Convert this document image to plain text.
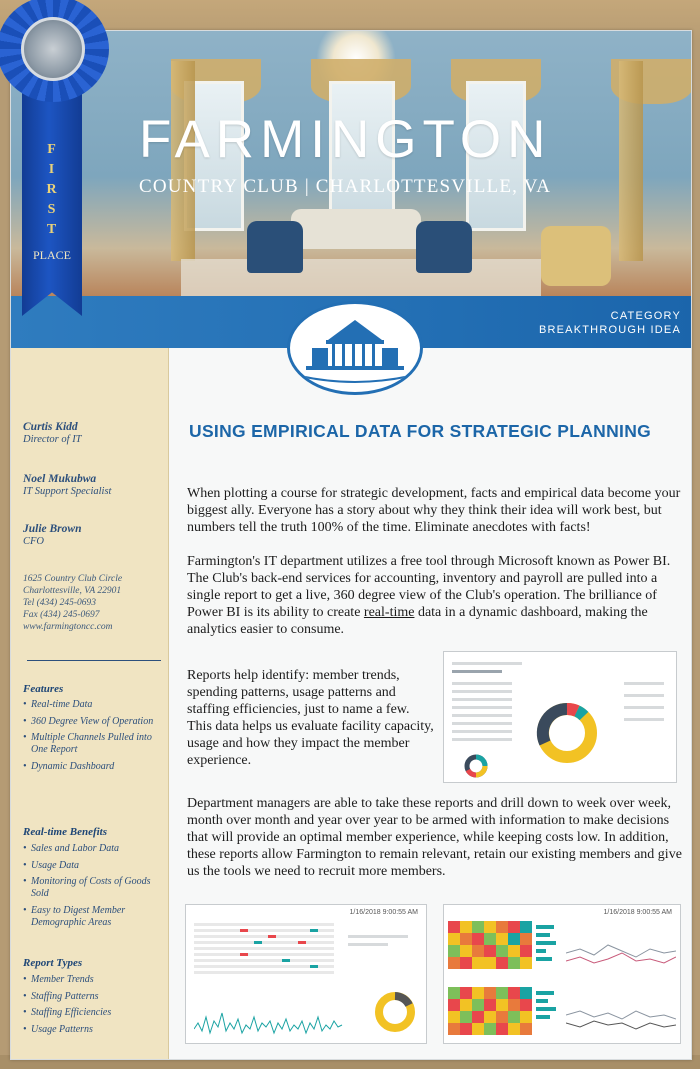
FARMINGTON
COUNTRY CLUB | CHARLOTTESVILLE, VA
CATEGORY
BREAKTHROUGH IDEA
Curtis Kidd
Director of IT
Noel Mukubwa
IT Support Specialist
Julie Brown
CFO
1625 Country Club Circle
Charlottesville, VA 22901
Tel (434) 245-0693
Fax (434) 245-0697
www.farmingtoncc.com
Features
• Real-time Data
• 360 Degree View of Operation
• Multiple Channels Pulled into One Report
• Dynamic Dashboard
Real-time Benefits
• Sales and Labor Data
• Usage Data
• Monitoring of Costs of Goods Sold
• Easy to Digest Member Demographic Areas
Report Types
• Member Trends
• Staffing Patterns
• Staffing Efficiencies
• Usage Patterns
USING EMPIRICAL DATA FOR STRATEGIC PLANNING

When plotting a course for strategic development, facts and empirical data become your biggest ally. Everyone has a story about why they think their idea will work best, but numbers tell the truth 100% of the time. Eliminate anecdotes with facts!

Farmington's IT department utilizes a free tool through Microsoft known as Power BI. The Club's back-end services for accounting, inventory and payroll are pulled into a single report to get a live, 360 degree view of the Club's operation. The brilliance of Power BI is its ability to create real-time data in a dynamic dashboard, making the analytics easier to consume.

Reports help identify: member trends, spending patterns, usage patterns and staffing efficiencies, just to name a few. This data helps us evaluate facility capacity, usage and how they impact the member experience.

Department managers are able to take these reports and drill down to week over week, month over month and year over year to be armed with information to make decisions that will provide an optimal member experience, while keeping costs low. In addition, these reports allow Farmington to remain relevant, retain our existing members and give us the tools we need to recruit more members.

1/16/2018 9:00:55 AM	1/16/2018 9:00:55 AM
F
I
R
S
T
PLACE
